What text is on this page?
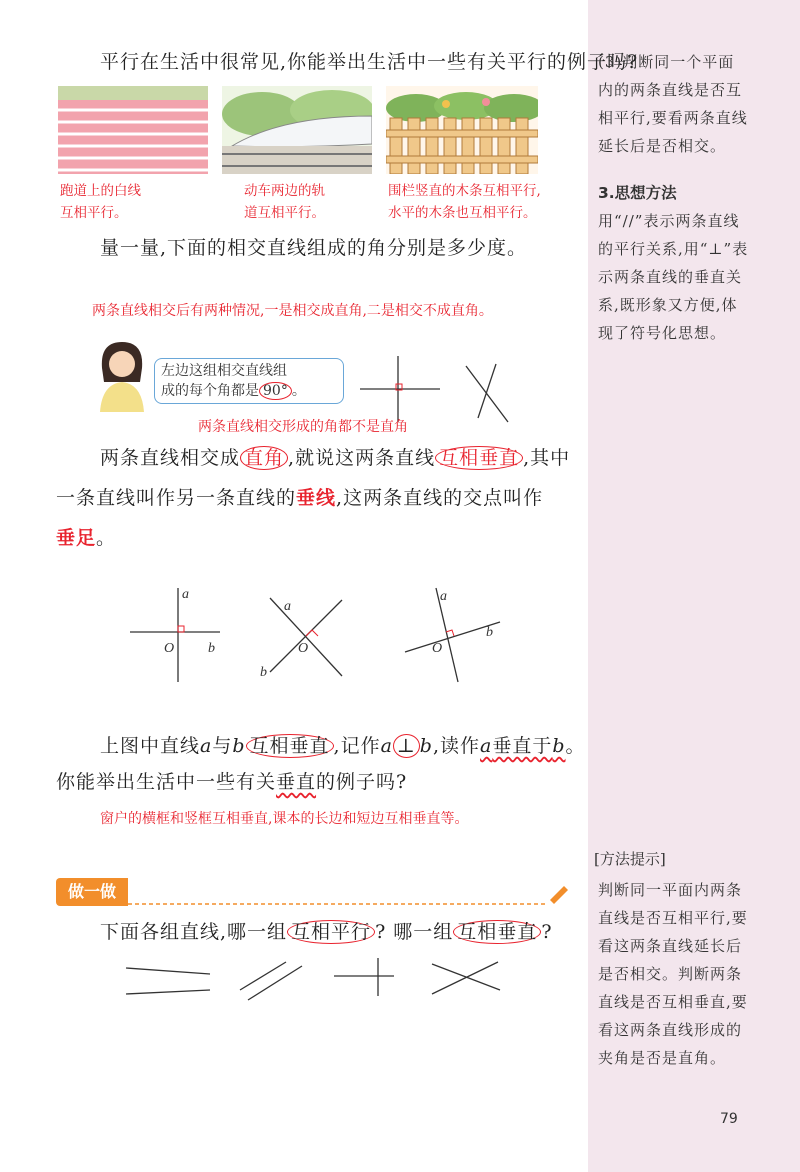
平行在生活中很常见,你能举出生活中一些有关平行的例子吗?
跑道上的白线
互相平行。
动车两边的轨
道互相平行。
围栏竖直的木条互相平行,
水平的木条也互相平行。
量一量,下面的相交直线组成的角分别是多少度。
两条直线相交后有两种情况,一是相交成直角,二是相交不成直角。
左边这组相交直线组
成的每个角都是 90° 。
两条直线相交形成的角都不是直角
两条直线相交成 直角 ,就说这两条直线 互相垂直 ,其中
一条直线叫作另一条直线的垂线,这两条直线的交点叫作
垂足。
a
O b
a
O
b
a
O
b
上图中直线a与b 互相垂直 ,记作a ⊥ b,读作a垂直于b。
你能举出生活中一些有关垂直的例子吗?
窗户的横框和竖框互相垂直,课本的长边和短边互相垂直等。
做一做
下面各组直线,哪一组 互相平行 ? 哪一组 互相垂直 ?
(3)判断同一个平面内的两条直线是否互相平行,要看两条直线延长后是否相交。
3.思想方法
用“//”表示两条直线的平行关系,用“⊥”表示两条直线的垂直关系,既形象又方便,体现了符号化思想。
[方法提示]
判断同一平面内两条直线是否互相平行,要看这两条直线延长后是否相交。判断两条直线是否互相垂直,要看这两条直线形成的夹角是否是直角。
79
